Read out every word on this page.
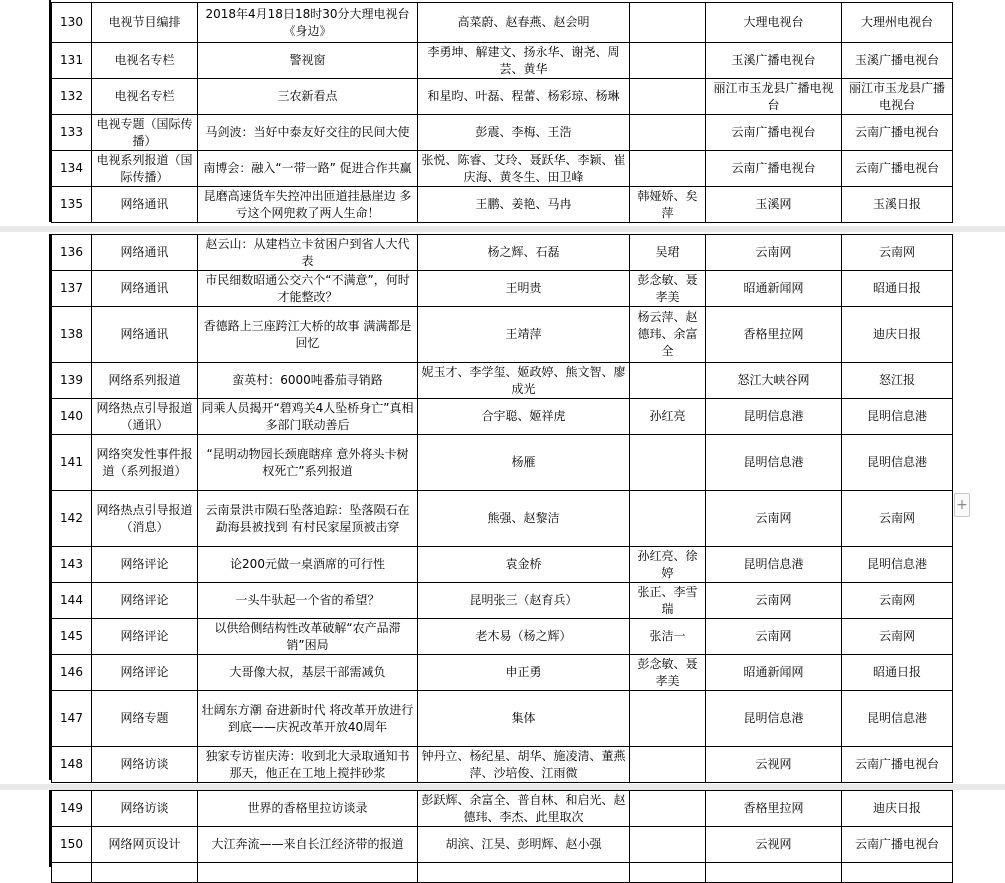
130	电视节目编排	2018年4月18日18时30分大理电视台《身边》	高菜蔚、赵春燕、赵会明		大理电视台	大理州电视台
131	电视名专栏	警视窗	李勇坤、解建文、扬永华、谢尧、周芸、黄华		玉溪广播电视台	玉溪广播电视台
132	电视名专栏	三农新看点	和星昀、叶磊、程蕾、杨彩琼、杨琳		丽江市玉龙县广播电视台	丽江市玉龙县广播电视台
133	电视专题（国际传播）	马剑波：当好中泰友好交往的民间大使	彭震、李梅、王浩		云南广播电视台	云南广播电视台
134	电视系列报道（国际传播）	南博会：融入“一带一路” 促进合作共赢	张悦、陈睿、艾玲、聂跃华、李颖、崔庆海、黄冬生、田卫峰		云南广播电视台	云南广播电视台
135	网络通讯	昆磨高速货车失控冲出匝道挂悬崖边 多亏这个网兜救了两人生命！	王鹏、姜艳、马冉	韩娅娇、矣萍	玉溪网	玉溪日报
136	网络通讯	赵云山：从建档立卡贫困户到省人大代表	杨之辉、石磊	吴珺	云南网	云南网
137	网络通讯	市民细数昭通公交六个“不满意”，何时才能整改？	王明贵	彭念敏、聂孝美	昭通新闻网	昭通日报
138	网络通讯	香德路上三座跨江大桥的故事 满满都是回忆	王靖萍	杨云萍、赵德玮、余富全	香格里拉网	迪庆日报
139	网络系列报道	蛮英村：6000吨番茄寻销路	妮玉才、李学玺、姬政婷、熊文智、廖成光		怒江大峡谷网	怒江报
140	网络热点引导报道（通讯）	同乘人员揭开“碧鸡关4人坠桥身亡”真相 多部门联动善后	合宇聪、姬祥虎	孙红亮	昆明信息港	昆明信息港
141	网络突发性事件报道（系列报道）	“昆明动物园长颈鹿瞎痒 意外将头卡树杈死亡”系列报道	杨雁		昆明信息港	昆明信息港
142	网络热点引导报道（消息）	云南景洪市陨石坠落追踪：坠落陨石在勐海县被找到 有村民家屋顶被击穿	熊强、赵黎洁		云南网	云南网
143	网络评论	论200元做一桌酒席的可行性	袁金桥	孙红亮、徐婷	昆明信息港	昆明信息港
144	网络评论	一头牛驮起一个省的希望？	昆明张三（赵育兵）	张正、李雪瑞	云南网	云南网
145	网络评论	以供给侧结构性改革破解“农产品滞销”困局	老木易（杨之辉）	张洁一	云南网	云南网
146	网络评论	大哥像大叔，基层干部需减负	申正勇	彭念敏、聂孝美	昭通新闻网	昭通日报
147	网络专题	壮阔东方潮 奋进新时代 将改革开放进行到底——庆祝改革开放40周年	集体		昆明信息港	昆明信息港
148	网络访谈	独家专访崔庆涛：收到北大录取通知书那天，他正在工地上搅拌砂浆	钟丹立、杨纪星、胡华、施凌清、董燕萍、沙培俊、江雨微		云视网	云南广播电视台
149	网络访谈	世界的香格里拉访谈录	彭跃辉、余富全、普自林、和启光、赵德玮、李杰、此里取次		香格里拉网	迪庆日报
150	网络网页设计	大江奔流——来自长江经济带的报道	胡滨、江昊、彭明辉、赵小强		云视网	云南广播电视台

+
